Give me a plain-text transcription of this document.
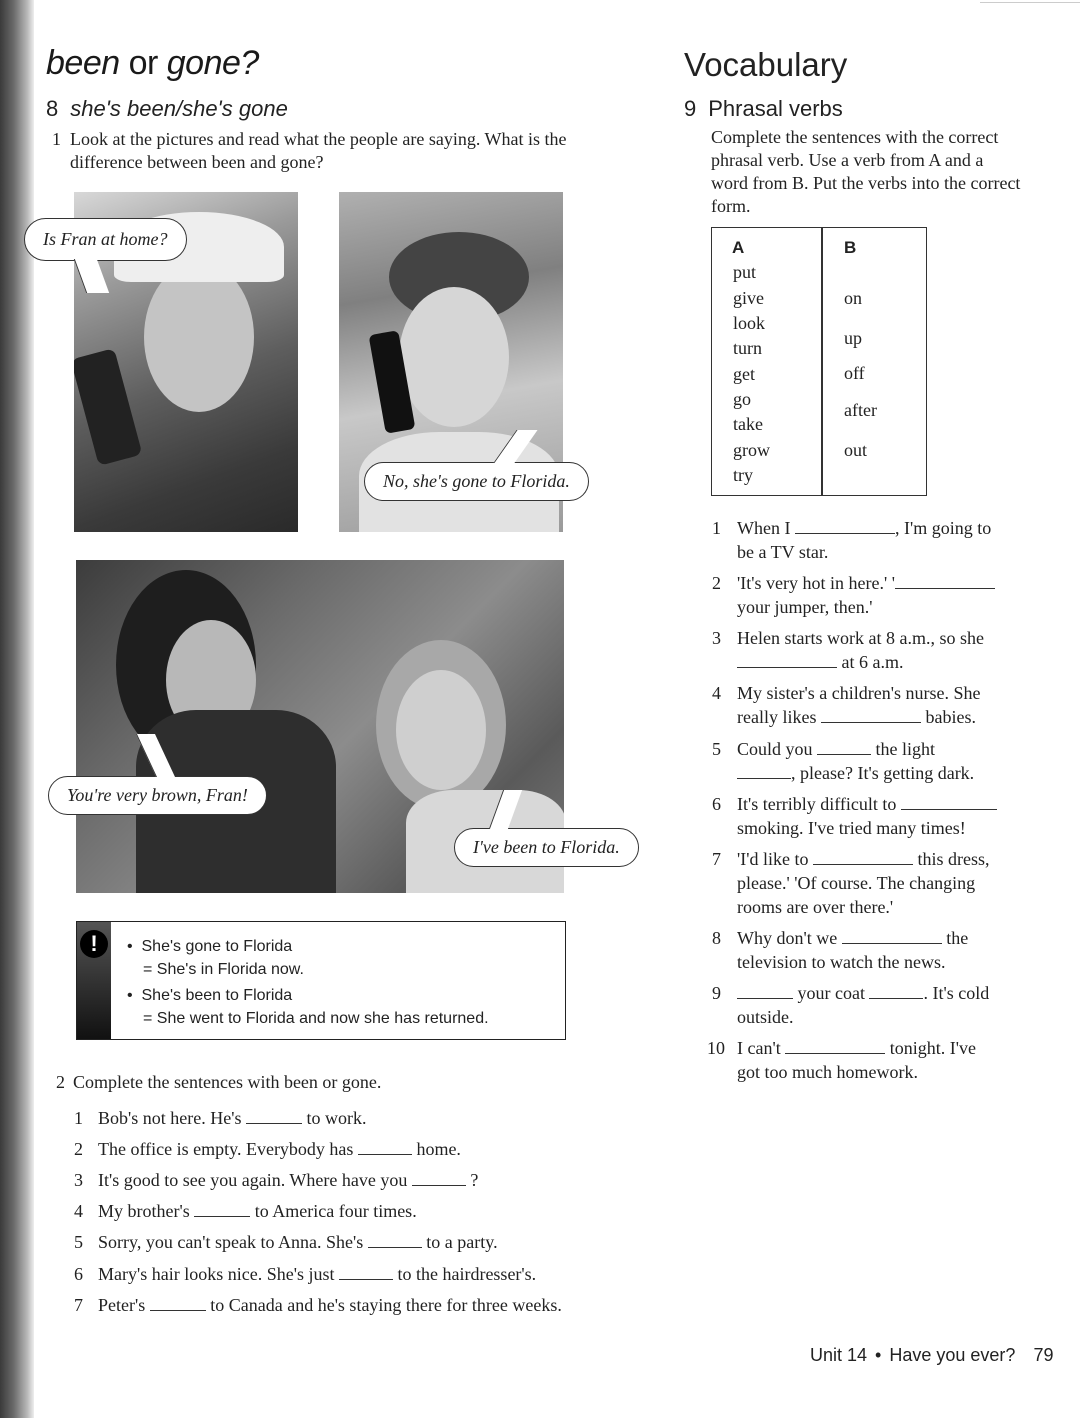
been or gone?
8 she's been/she's gone
1 Look at the pictures and read what the people are saying. What is the difference between been and gone?
Is Fran at home?
No, she's gone to Florida.
You're very brown, Fran!
I've been to Florida.
!	•  She's gone to Florida
= She's in Florida now.
•  She's been to Florida
= She went to Florida and now she has returned.
2 Complete the sentences with been or gone.
1 Bob's not here. He's	to work.
2 The office is empty. Everybody has	home.
3 It's good to see you again. Where have you	?
4 My brother's	to America four times.
5 Sorry, you can't speak to Anna. She's	to a party.
6 Mary's hair looks nice. She's just	to the hairdresser's.
7 Peter's	to Canada and he's staying there for three weeks.
Vocabulary
9 Phrasal verbs
Complete the sentences with the correct phrasal verb. Use a verb from A and a word from B. Put the verbs into the correct form.
A	B
put
give
look
turn
get
go
take
grow
try
on
up
off
after
out
1 When I	, I'm going to
be a TV star.
2 'It's very hot in here.' '
your jumper, then.'
3 Helen starts work at 8 a.m., so she
at 6 a.m.
4 My sister's a children's nurse. She
really likes	babies.
5 Could you	the light
, please? It's getting dark.
6 It's terribly difficult to
smoking. I've tried many times!
7 'I'd like to	this dress,
please.' 'Of course. The changing
rooms are over there.'
8 Why don't we	the
television to watch the news.
9	your coat	. It's cold
outside.
10 I can't	tonight. I've
got too much homework.
Unit 14 • Have you ever? 79
